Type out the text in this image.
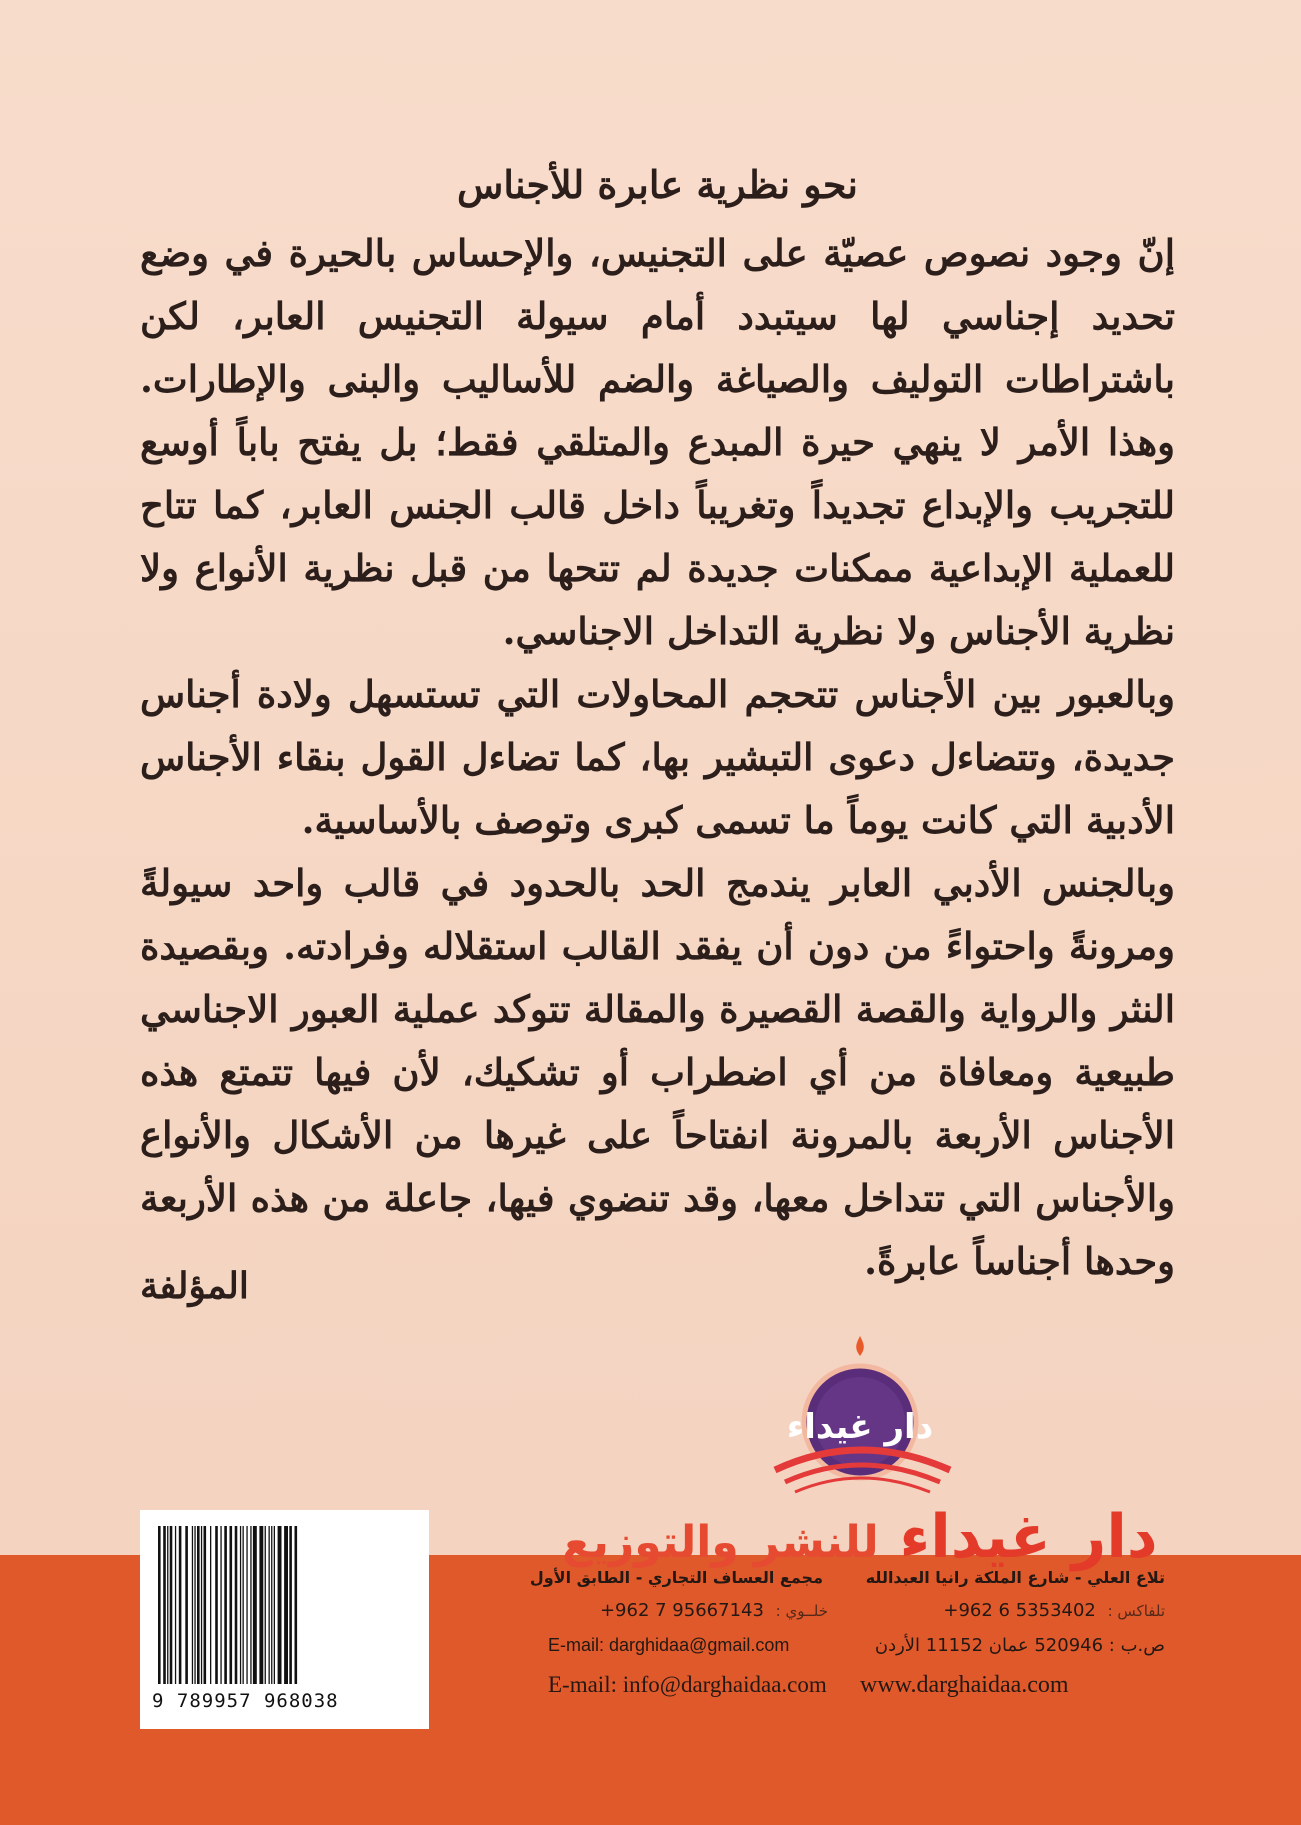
نحو نظرية عابرة للأجناس

إنّ وجود نصوص عصيّة على التجنيس، والإحساس بالحيرة في وضع تحديد إجناسي لها سيتبدد أمام سيولة التجنيس العابر، لكن باشتراطات التوليف والصياغة والضم للأساليب والبنى والإطارات. وهذا الأمر لا ينهي حيرة المبدع والمتلقي فقط؛ بل يفتح باباً أوسع للتجريب والإبداع تجديداً وتغريباً داخل قالب الجنس العابر، كما تتاح للعملية الإبداعية ممكنات جديدة لم تتحها من قبل نظرية الأنواع ولا نظرية الأجناس ولا نظرية التداخل الاجناسي.

وبالعبور بين الأجناس تتحجم المحاولات التي تستسهل ولادة أجناس جديدة، وتتضاءل دعوى التبشير بها، كما تضاءل القول بنقاء الأجناس الأدبية التي كانت يوماً ما تسمى كبرى وتوصف بالأساسية.

وبالجنس الأدبي العابر يندمج الحد بالحدود في قالب واحد سيولةً ومرونةً واحتواءً من دون أن يفقد القالب استقلاله وفرادته. وبقصيدة النثر والرواية والقصة القصيرة والمقالة تتوكد عملية العبور الاجناسي طبيعية ومعافاة من أي اضطراب أو تشكيك، لأن فيها تتمتع هذه الأجناس الأربعة بالمرونة انفتاحاً على غيرها من الأشكال والأنواع والأجناس التي تتداخل معها، وقد تنضوي فيها، جاعلة من هذه الأربعة وحدها أجناساً عابرةً.

المؤلفة
دار غيداء
دار غيداء للنشر والتوزيع
9 789957 968038
تلاع العلي - شارع الملكة رانيا العبدالله
مجمع العساف التجاري - الطابق الأول
تلفاكس : +962 6 5353402
خلــوي : +962 7 95667143
ص.ب : 520946 عمان 11152 الأردن
E-mail: darghidaa@gmail.com
www.darghaidaa.com
E-mail: info@darghaidaa.com
